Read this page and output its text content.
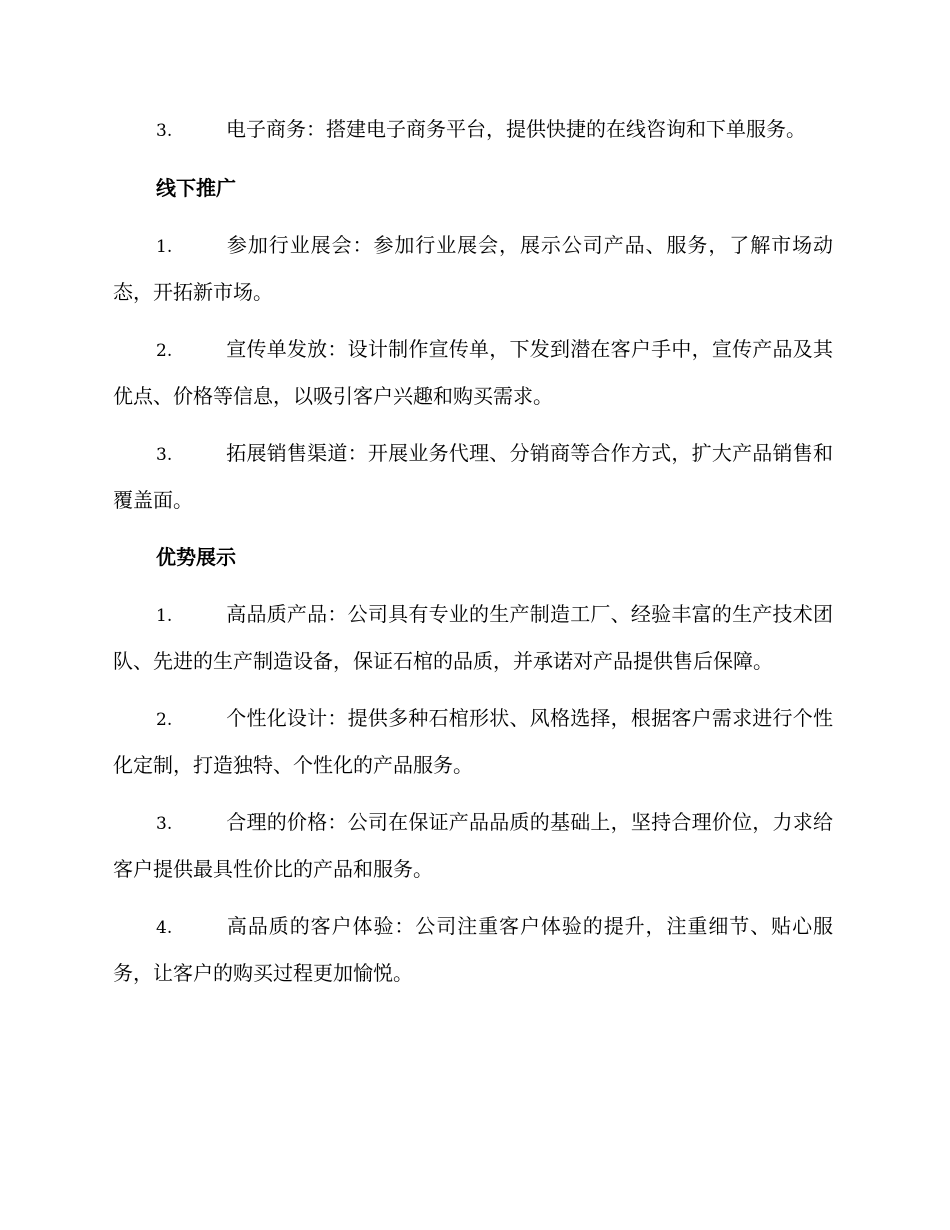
3.	电子商务：搭建电子商务平台，提供快捷的在线咨询和下单服务。

线下推广

1.	参加行业展会：参加行业展会，展示公司产品、服务，了解市场动态，开拓新市场。

2.	宣传单发放：设计制作宣传单，下发到潜在客户手中，宣传产品及其优点、价格等信息，以吸引客户兴趣和购买需求。

3.	拓展销售渠道：开展业务代理、分销商等合作方式，扩大产品销售和覆盖面。

优势展示

1.	高品质产品：公司具有专业的生产制造工厂、经验丰富的生产技术团队、先进的生产制造设备，保证石棺的品质，并承诺对产品提供售后保障。

2.	个性化设计：提供多种石棺形状、风格选择，根据客户需求进行个性化定制，打造独特、个性化的产品服务。

3.	合理的价格：公司在保证产品品质的基础上，坚持合理价位，力求给客户提供最具性价比的产品和服务。

4.	高品质的客户体验：公司注重客户体验的提升，注重细节、贴心服务，让客户的购买过程更加愉悦。
